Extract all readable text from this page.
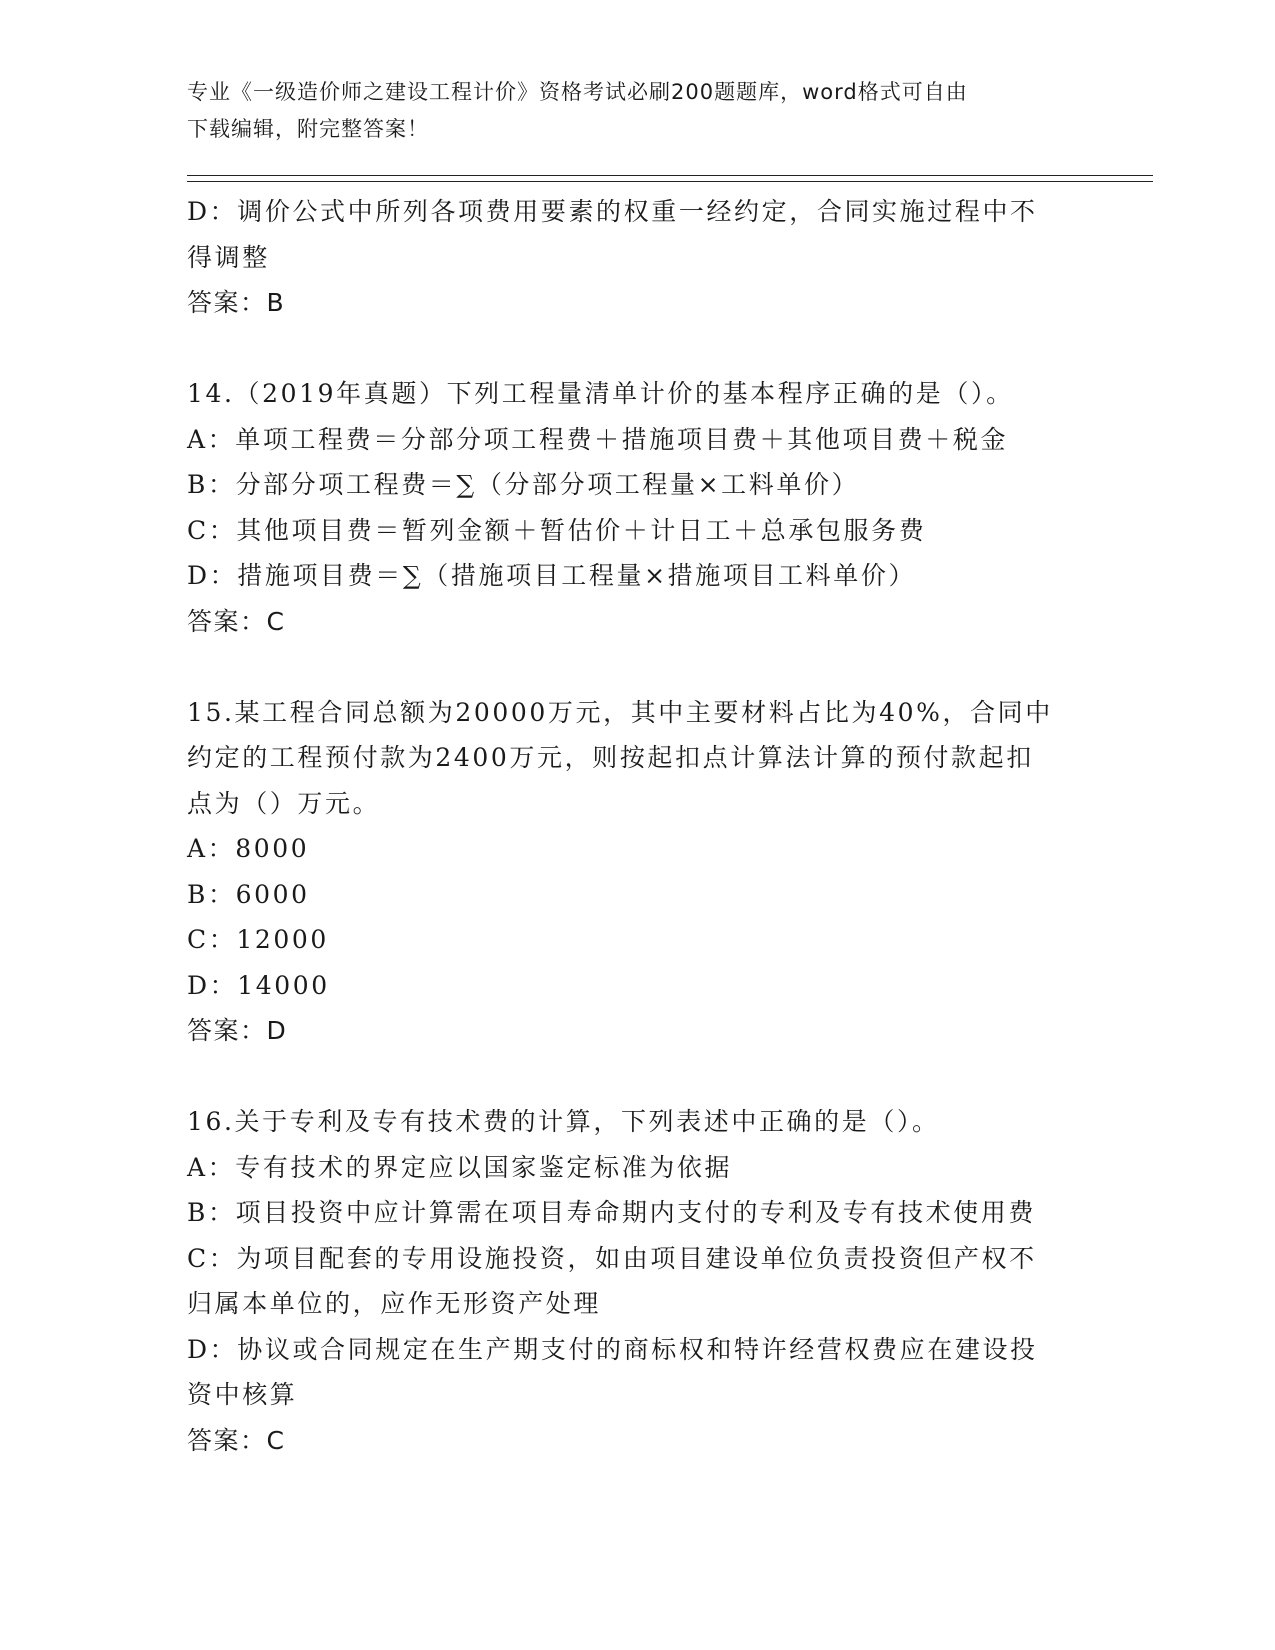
专业《一级造价师之建设工程计价》资格考试必刷200题题库，word格式可自由
下载编辑，附完整答案！
D：调价公式中所列各项费用要素的权重一经约定，合同实施过程中不
得调整
答案：B
14.（2019年真题）下列工程量清单计价的基本程序正确的是（）。
A：单项工程费＝分部分项工程费＋措施项目费＋其他项目费＋税金
B：分部分项工程费＝∑（分部分项工程量×工料单价）
C：其他项目费＝暂列金额＋暂估价＋计日工＋总承包服务费
D：措施项目费＝∑（措施项目工程量×措施项目工料单价）
答案：C
15.某工程合同总额为20000万元，其中主要材料占比为40%，合同中
约定的工程预付款为2400万元，则按起扣点计算法计算的预付款起扣
点为（）万元。
A：8000
B：6000
C：12000
D：14000
答案：D
16.关于专利及专有技术费的计算，下列表述中正确的是（）。
A：专有技术的界定应以国家鉴定标准为依据
B：项目投资中应计算需在项目寿命期内支付的专利及专有技术使用费
C：为项目配套的专用设施投资，如由项目建设单位负责投资但产权不
归属本单位的，应作无形资产处理
D：协议或合同规定在生产期支付的商标权和特许经营权费应在建设投
资中核算
答案：C
